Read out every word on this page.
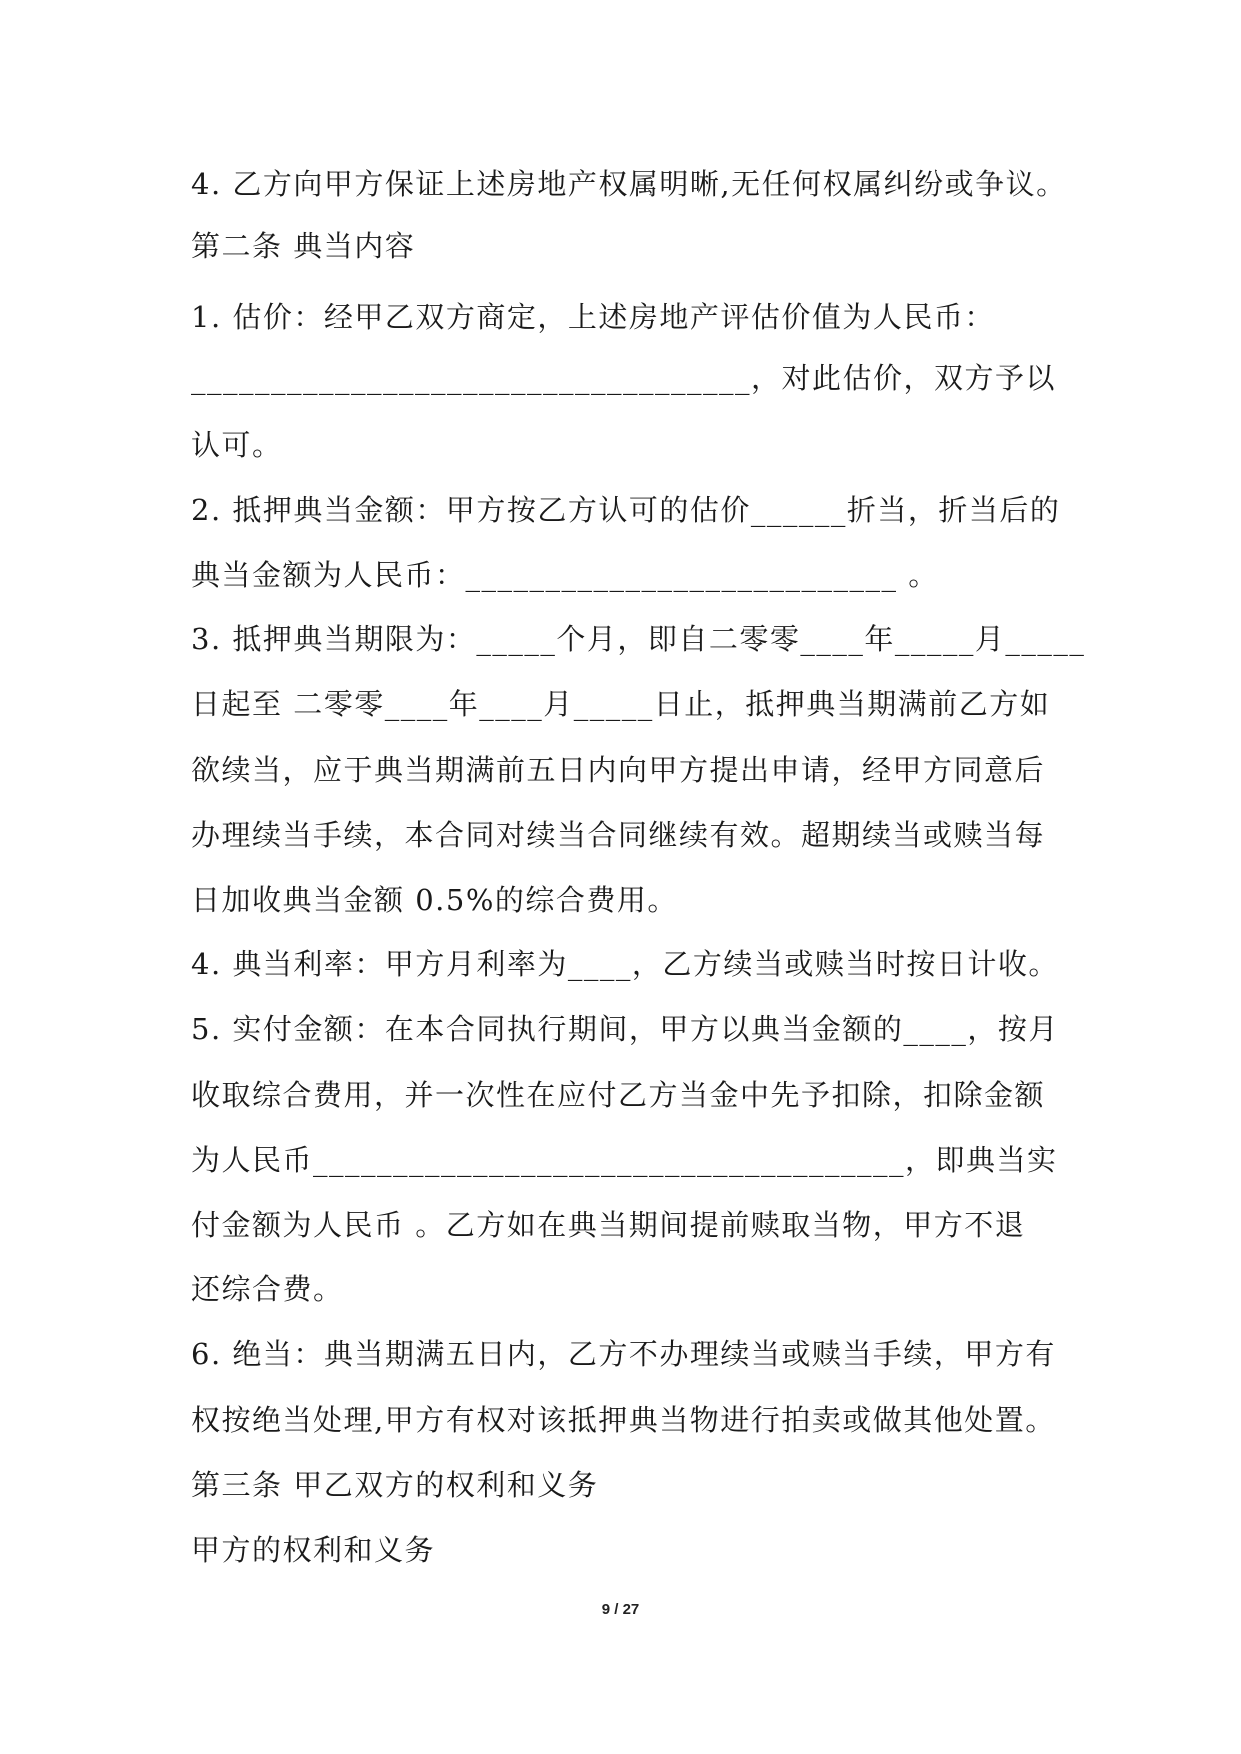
4. 乙方向甲方保证上述房地产权属明晰,无任何权属纠纷或争议。
第二条 典当内容
1. 估价：经甲乙双方商定，上述房地产评估价值为人民币：
___________________________________，对此估价，双方予以
认可。
2. 抵押典当金额：甲方按乙方认可的估价______折当，折当后的
典当金额为人民币：___________________________ 。
3. 抵押典当期限为：_____个月，即自二零零____年_____月_____
日起至 二零零____年____月_____日止，抵押典当期满前乙方如
欲续当，应于典当期满前五日内向甲方提出申请，经甲方同意后
办理续当手续，本合同对续当合同继续有效。超期续当或赎当每
日加收典当金额 0.5%的综合费用。
4. 典当利率：甲方月利率为____，乙方续当或赎当时按日计收。
5. 实付金额：在本合同执行期间，甲方以典当金额的____，按月
收取综合费用，并一次性在应付乙方当金中先予扣除，扣除金额
为人民币_____________________________________，即典当实
付金额为人民币 。乙方如在典当期间提前赎取当物，甲方不退
还综合费。
6. 绝当：典当期满五日内，乙方不办理续当或赎当手续，甲方有
权按绝当处理,甲方有权对该抵押典当物进行拍卖或做其他处置。
第三条 甲乙双方的权利和义务
甲方的权利和义务
9 / 27
